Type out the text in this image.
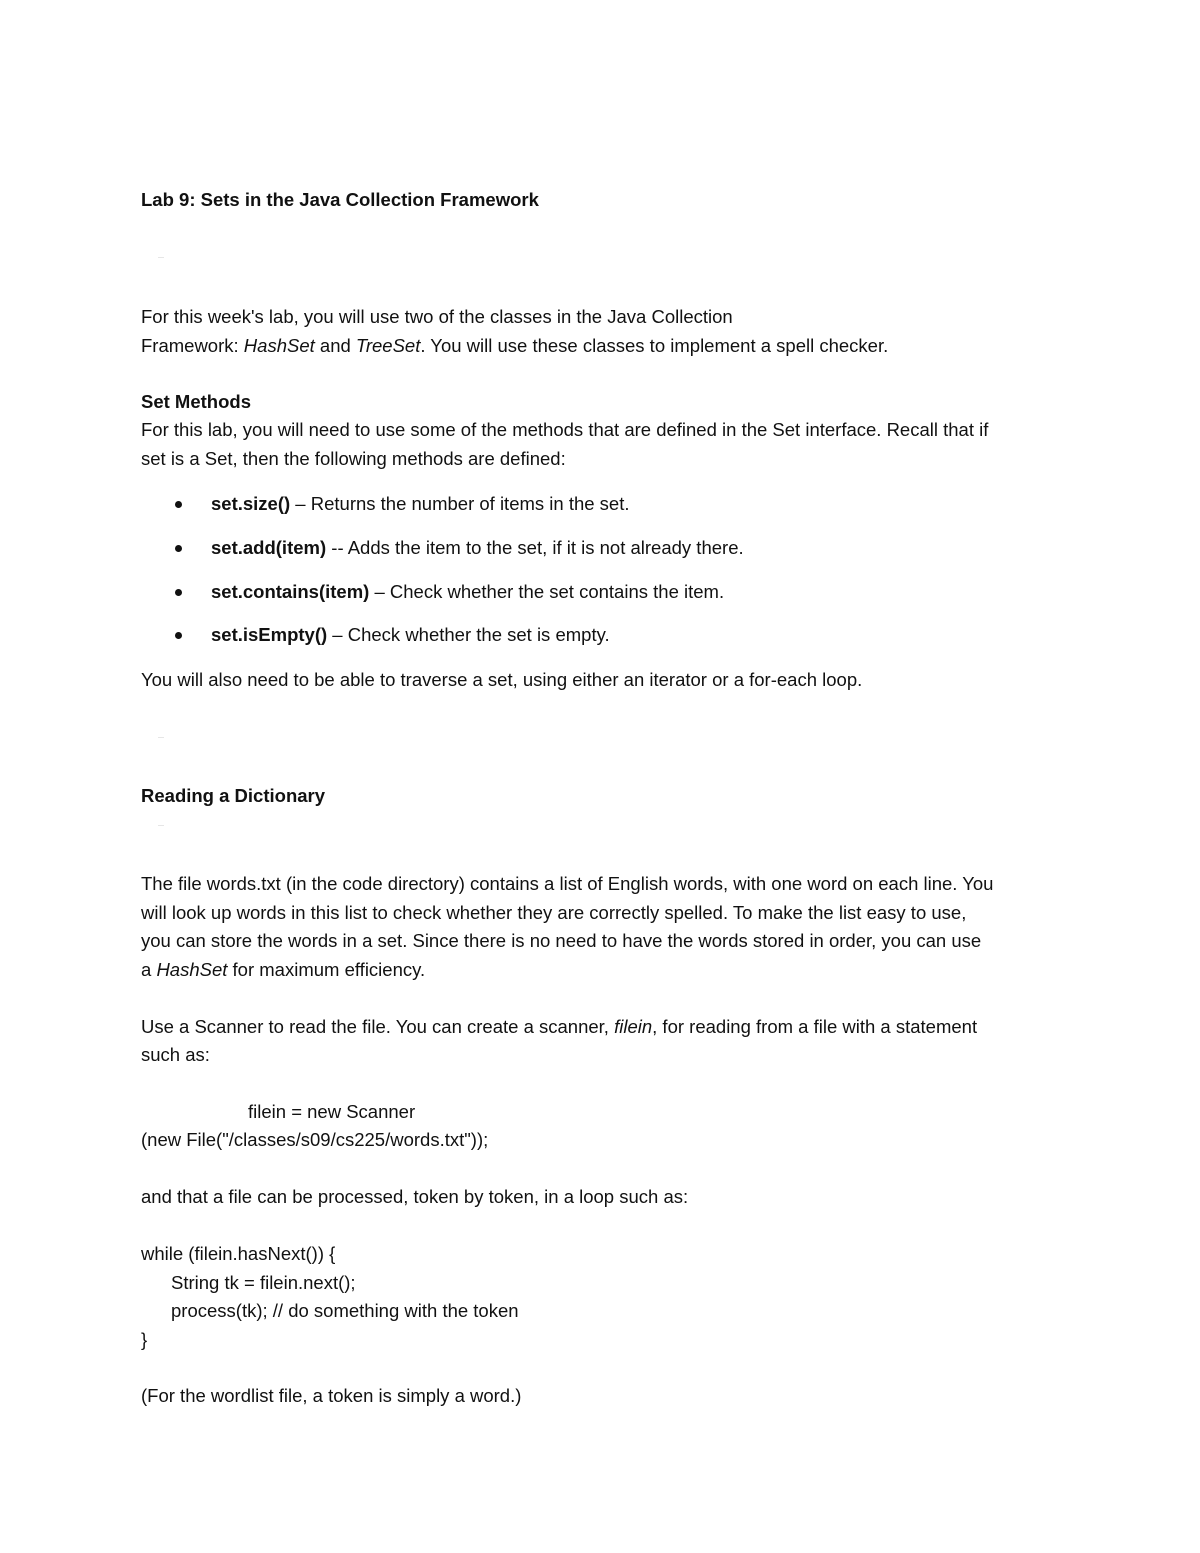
Lab 9: Sets in the Java Collection Framework
For this week's lab, you will use two of the classes in the Java Collection
Framework: HashSet and TreeSet. You will use these classes to implement a spell checker.
Set Methods
For this lab, you will need to use some of the methods that are defined in the Set interface. Recall that if
set is a Set, then the following methods are defined:
set.size() – Returns the number of items in the set.
set.add(item) -- Adds the item to the set, if it is not already there.
set.contains(item) – Check whether the set contains the item.
set.isEmpty() – Check whether the set is empty.
You will also need to be able to traverse a set, using either an iterator or a for-each loop.
Reading a Dictionary
The file words.txt (in the code directory) contains a list of English words, with one word on each line. You
will look up words in this list to check whether they are correctly spelled. To make the list easy to use,
you can store the words in a set. Since there is no need to have the words stored in order, you can use
a HashSet for maximum efficiency.
Use a Scanner to read the file. You can create a scanner, filein, for reading from a file with a statement
such as:
filein = new Scanner
(new File("/classes/s09/cs225/words.txt"));
and that a file can be processed, token by token, in a loop such as:
while (filein.hasNext()) {
String tk = filein.next();
process(tk); // do something with the token
}
(For the wordlist file, a token is simply a word.)
